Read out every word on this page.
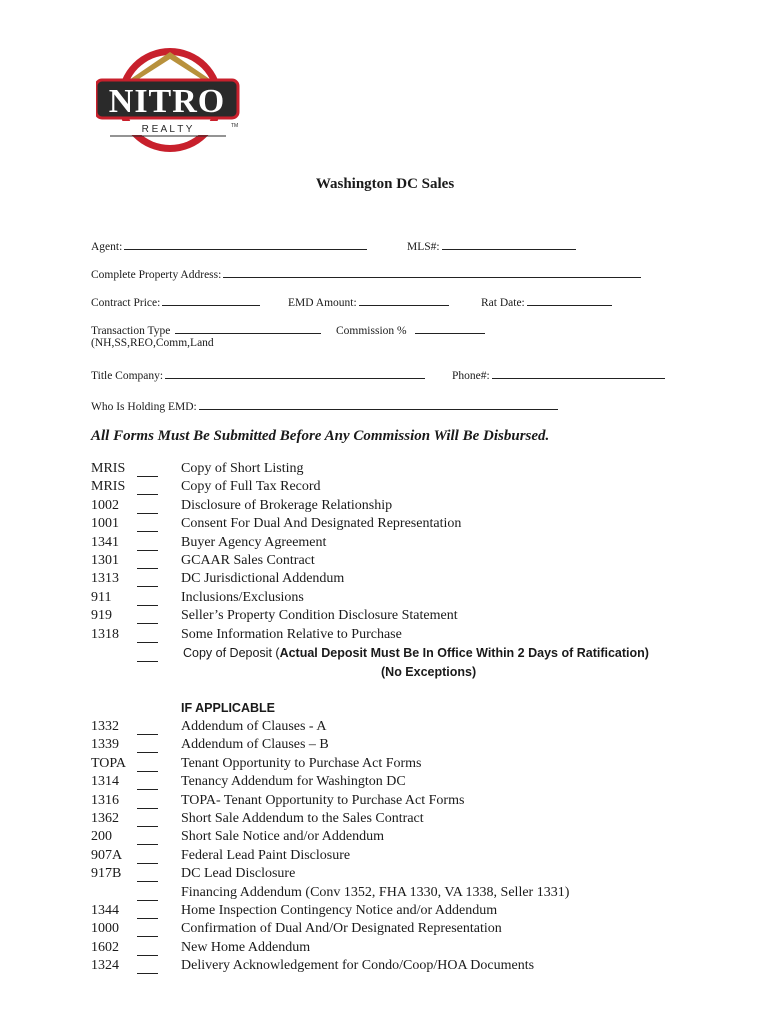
NITRO
R E A L T Y	TM
Washington DC Sales
Agent:	MLS#:
Complete Property Address:
Contract Price:	EMD Amount:	Rat Date:
Transaction Type	Commission %
(NH,SS,REO,Comm,Land
Title Company:	Phone#:
Who Is Holding EMD:
All Forms Must Be Submitted Before Any Commission Will Be Disbursed.
MRIS	Copy of Short Listing
MRIS	Copy of Full Tax Record
1002	Disclosure of Brokerage Relationship
1001	Consent For Dual And Designated Representation
1341	Buyer Agency Agreement
1301	GCAAR Sales Contract
1313	DC Jurisdictional Addendum
911	Inclusions/Exclusions
919	Seller’s Property Condition Disclosure Statement
1318	Some Information Relative to Purchase
Copy of Deposit (Actual Deposit Must Be In Office Within 2 Days of Ratification)
(No Exceptions)
IF APPLICABLE
1332	Addendum of Clauses - A
1339	Addendum of Clauses – B
TOPA	Tenant Opportunity to Purchase Act Forms
1314	Tenancy Addendum for Washington DC
1316	TOPA- Tenant Opportunity to Purchase Act Forms
1362	Short Sale Addendum to the Sales Contract
200	Short Sale Notice and/or Addendum
907A	Federal Lead Paint Disclosure
917B	DC Lead Disclosure
Financing Addendum (Conv 1352, FHA 1330, VA 1338, Seller 1331)
1344	Home Inspection Contingency Notice and/or Addendum
1000	Confirmation of Dual And/Or Designated Representation
1602	New Home Addendum
1324	Delivery Acknowledgement for Condo/Coop/HOA Documents
